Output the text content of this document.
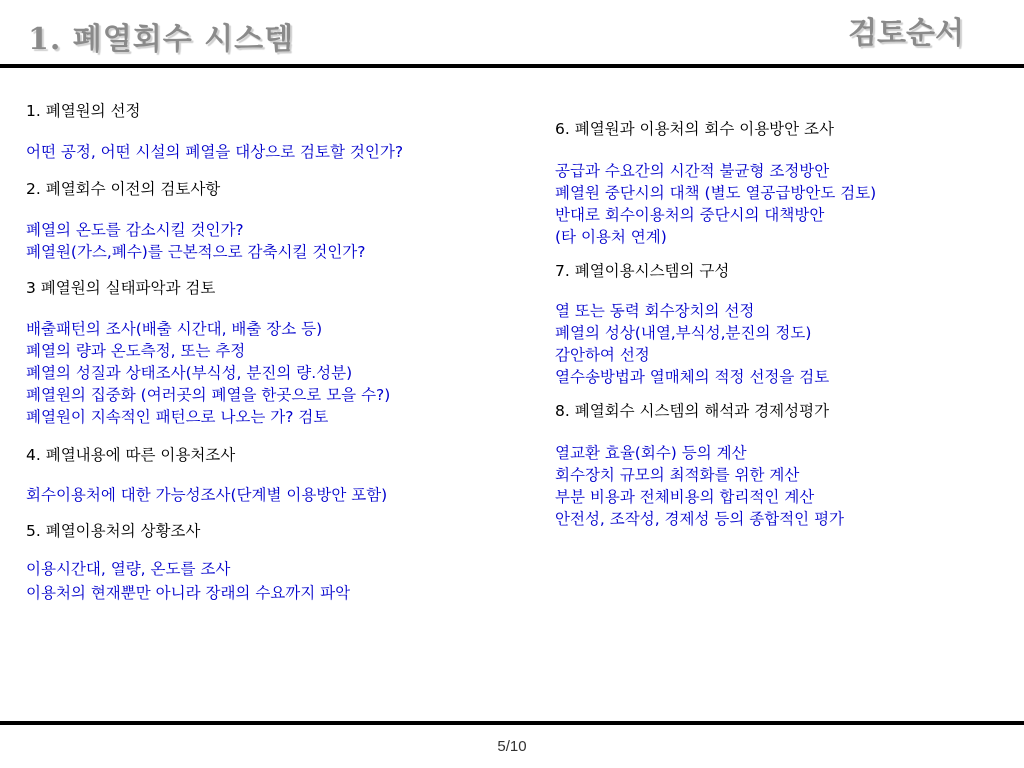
1. 폐열회수 시스템	검토순서
1. 폐열원의 선정
어떤 공정, 어떤 시설의 폐열을 대상으로 검토할 것인가?
2. 폐열회수 이전의 검토사항
폐열의 온도를 감소시킬 것인가?
폐열원(가스,폐수)를 근본적으로 감축시킬 것인가?
3 폐열원의 실태파악과 검토
배출패턴의 조사(배출 시간대, 배출 장소 등)
폐열의 량과 온도측정, 또는 추정
폐열의 성질과 상태조사(부식성, 분진의 량.성분)
폐열원의 집중화 (여러곳의 폐열을 한곳으로 모을 수?)
폐열원이 지속적인 패턴으로 나오는 가? 검토
4. 폐열내용에 따른 이용처조사
회수이용처에 대한 가능성조사(단계별 이용방안 포함)
5. 폐열이용처의 상황조사
이용시간대, 열량, 온도를 조사
이용처의 현재뿐만 아니라 장래의 수요까지 파악
6. 폐열원과 이용처의 회수 이용방안 조사
공급과 수요간의 시간적 불균형 조정방안
폐열원 중단시의 대책 (별도 열공급방안도 검토)
반대로 회수이용처의 중단시의 대책방안
(타 이용처 연계)
7. 폐열이용시스템의 구성
열 또는 동력 회수장치의 선정
폐열의 성상(내열,부식성,분진의 정도)
감안하여 선정
열수송방법과 열매체의 적정 선정을 검토
8. 폐열회수 시스템의 해석과 경제성평가
열교환 효율(회수) 등의 계산
회수장치 규모의 최적화를 위한 계산
부분 비용과 전체비용의 합리적인 계산
안전성, 조작성, 경제성 등의 종합적인 평가
5/10
